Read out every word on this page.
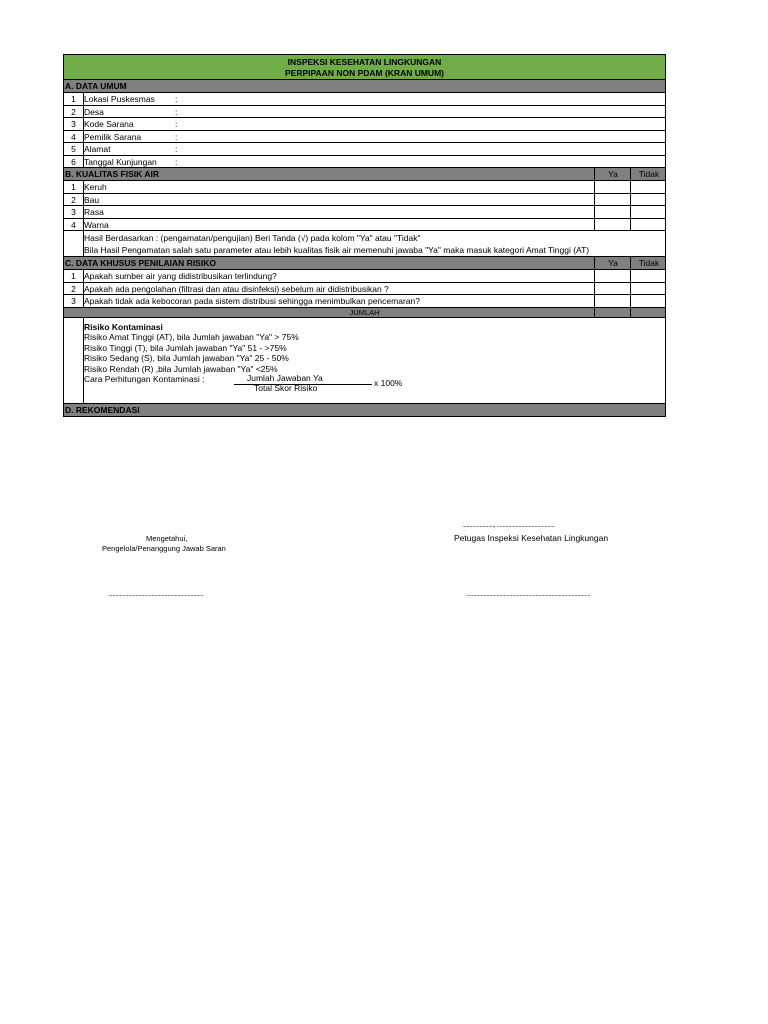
INSPEKSI KESEHATAN LINGKUNGAN
PERPIPAAN NON PDAM (KRAN UMUM)
A. DATA UMUM
1 Lokasi Puskesmas :
2 Desa	:
3 Kode Sarana	:
4 Pemilik Sarana	:
5 Alamat	:
6 Tanggal Kunjungan :
B. KUALITAS FISIK AIR	Ya	Tidak
1 Keruh
2 Bau
3 Rasa
4 Warna
Hasil Berdasarkan : (pengamatan/pengujian) Beri Tanda (√) pada kolom "Ya" atau "Tidak"
Bila Hasil Pengamatan salah satu parameter atau lebih kualitas fisik air memenuhi jawaba "Ya" maka masuk kategori Amat Tinggi (AT)
C. DATA KHUSUS PENILAIAN RISIKO	Ya	Tidak
1 Apakah sumber air yang didistribusikan terlindung?
2 Apakah ada pengolahan (filtrasi dan atau disinfeksi) sebelum air didistribusikan ?
3 Apakah tidak ada kebocoran pada sistem distribusi sehingga menimbulkan pencemaran?
JUMLAH
Risiko Kontaminasi
Risiko Amat Tinggi (AT), bila Jumlah jawaban "Ya" > 75%
Risiko Tinggi (T), bila Jumlah jawaban "Ya" 51 - >75%
Risiko Sedang (S), bila Jumlah jawaban "Ya" 25 - 50%
Risiko Rendah (R) ,bila Jumlah jawaban "Ya" <25%
Cara Perhitungan Kontaminasi :	Jumlah Jawaban Ya
Total Skor Risiko	x 100%
D. REKOMENDASI
Mengetahui,
Pengelola/Penanggung Jawab Saran
......................, ........................................
Petugas Inspeksi Kesehatan Lingkungan
..................................................................	......................................................................................
